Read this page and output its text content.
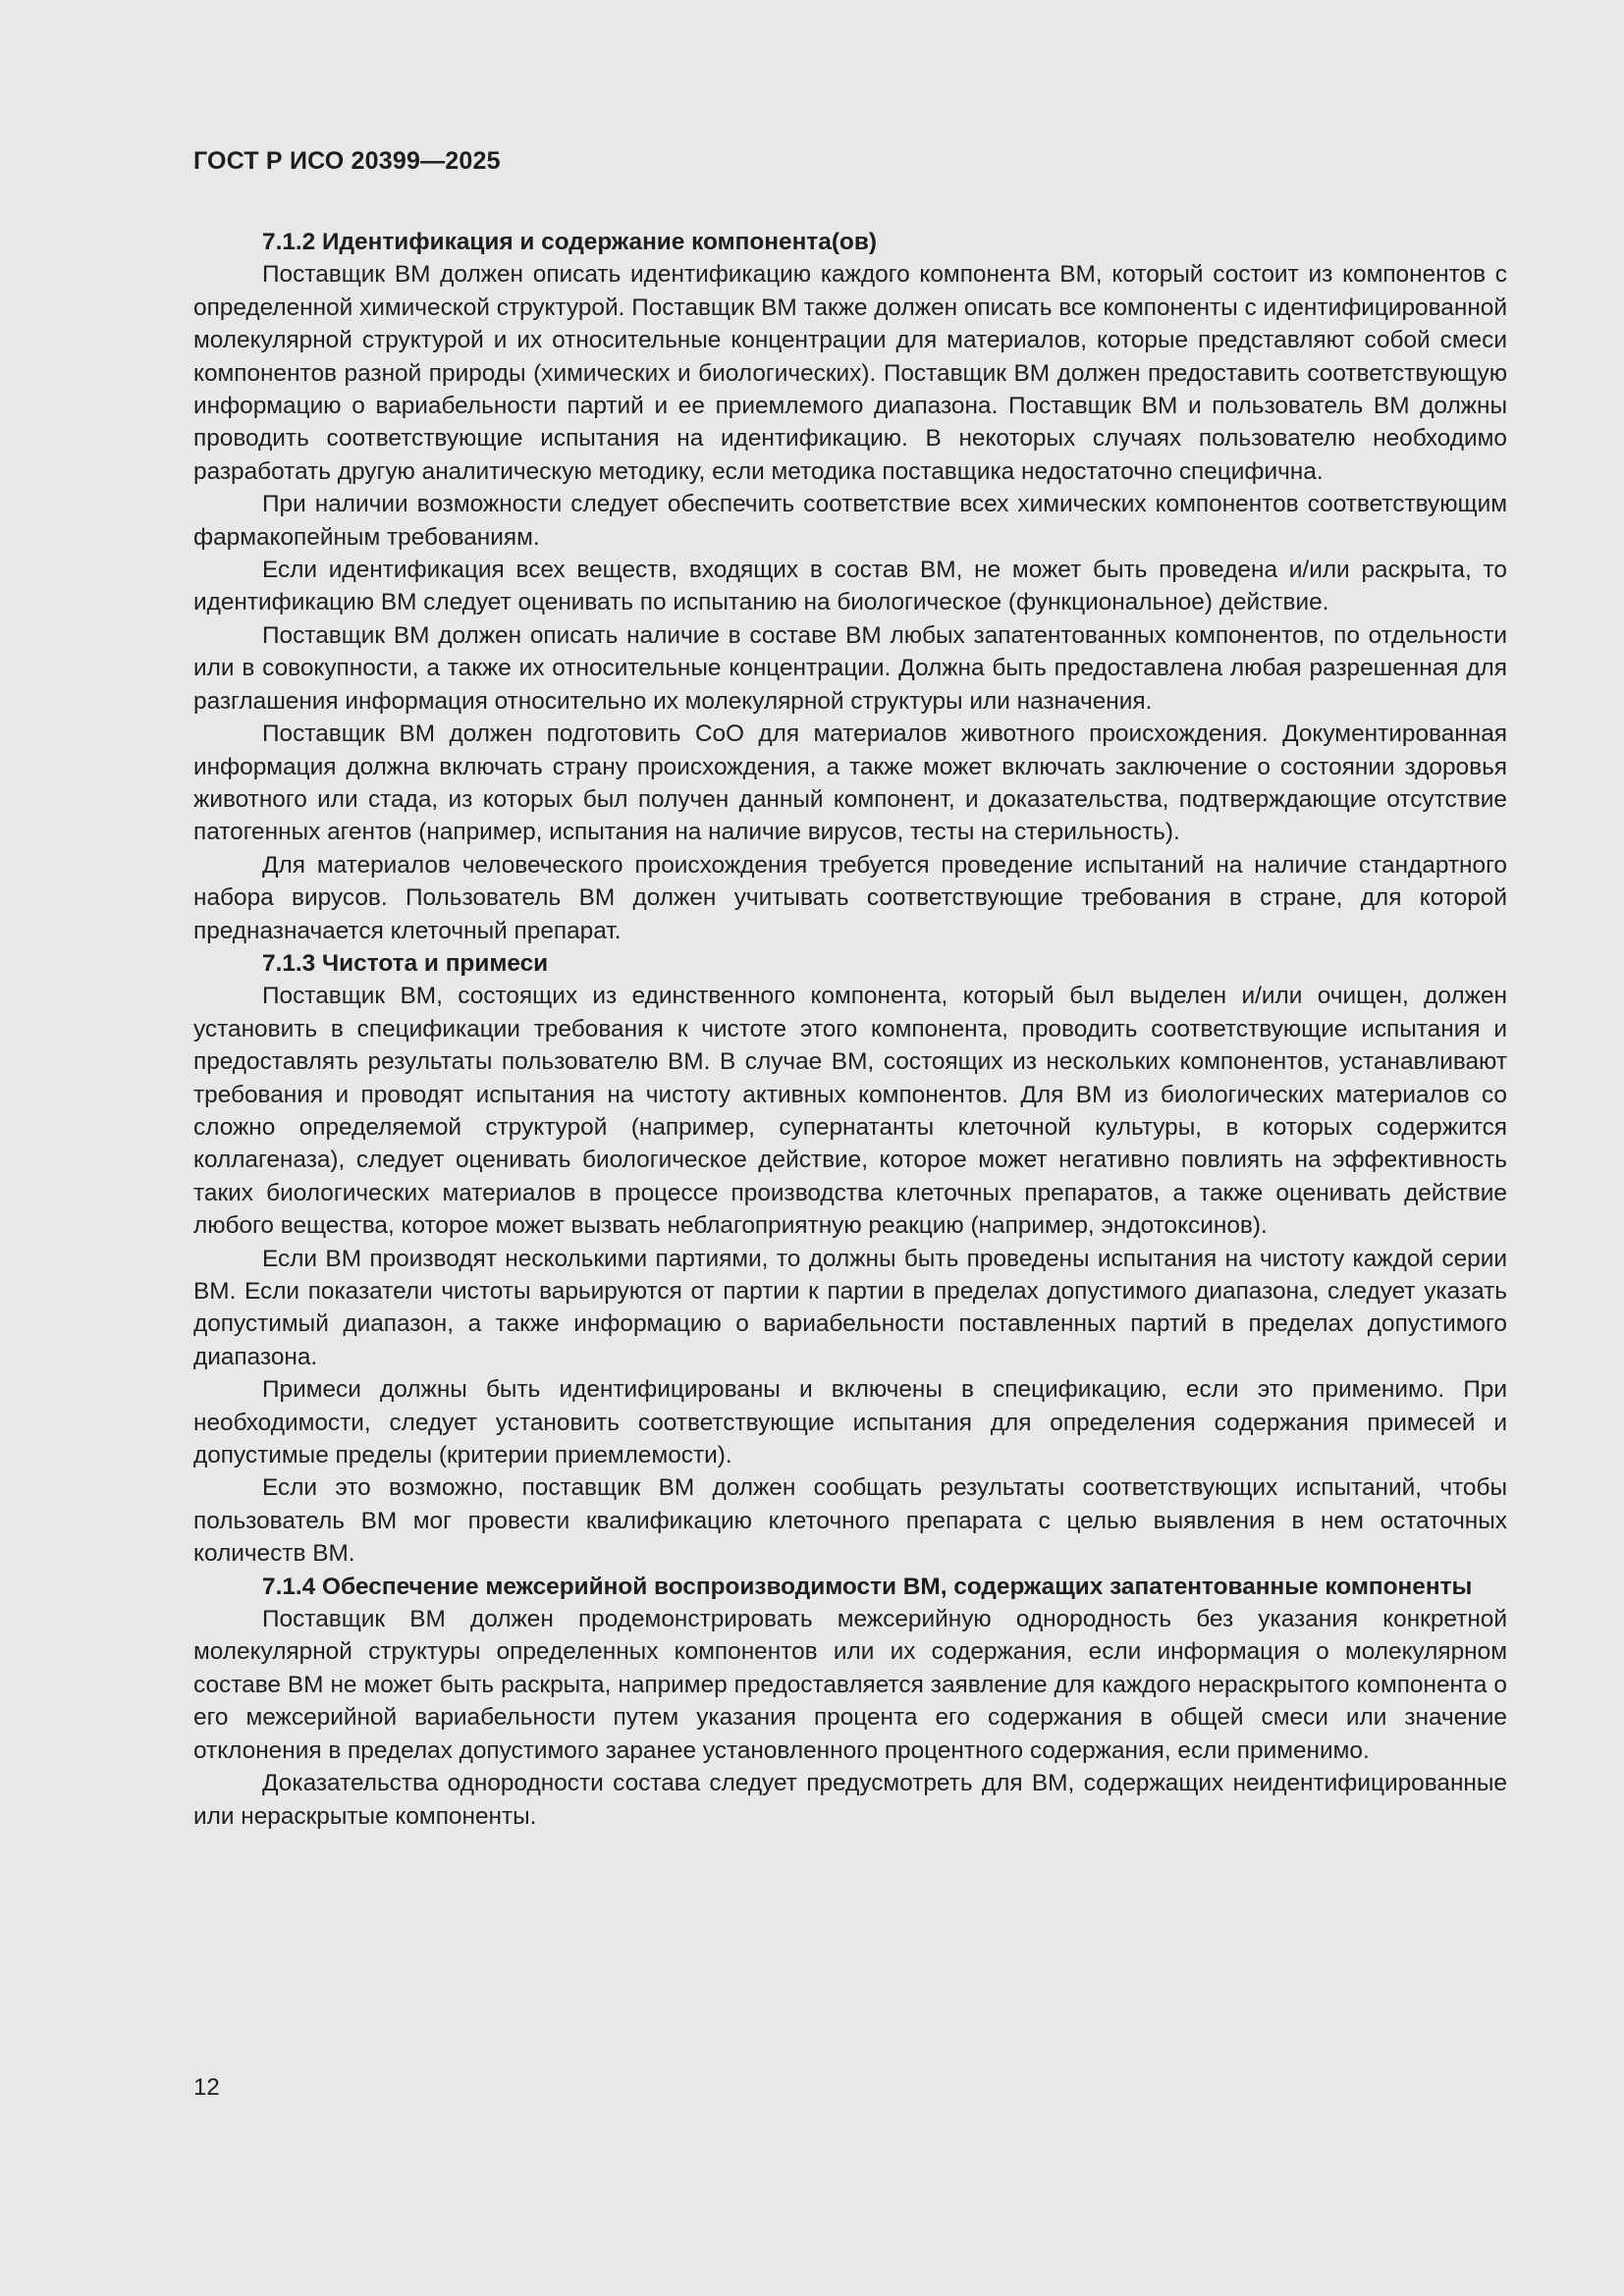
ГОСТ Р ИСО 20399—2025
7.1.2 Идентификация и содержание компонента(ов)

Поставщик ВМ должен описать идентификацию каждого компонента ВМ, который состоит из компонентов с определенной химической структурой. Поставщик ВМ также должен описать все компоненты с идентифицированной молекулярной структурой и их относительные концентрации для материалов, которые представляют собой смеси компонентов разной природы (химических и биологических). Поставщик ВМ должен предоставить соответствующую информацию о вариабельности партий и ее приемлемого диапазона. Поставщик ВМ и пользователь ВМ должны проводить соответствующие испытания на идентификацию. В некоторых случаях пользователю необходимо разработать другую аналитическую методику, если методика поставщика недостаточно специфична.

При наличии возможности следует обеспечить соответствие всех химических компонентов соответствующим фармакопейным требованиям.

Если идентификация всех веществ, входящих в состав ВМ, не может быть проведена и/или раскрыта, то идентификацию ВМ следует оценивать по испытанию на биологическое (функциональное) действие.

Поставщик ВМ должен описать наличие в составе ВМ любых запатентованных компонентов, по отдельности или в совокупности, а также их относительные концентрации. Должна быть предоставлена любая разрешенная для разглашения информация относительно их молекулярной структуры или назначения.

Поставщик ВМ должен подготовить СоО для материалов животного происхождения. Документированная информация должна включать страну происхождения, а также может включать заключение о состоянии здоровья животного или стада, из которых был получен данный компонент, и доказательства, подтверждающие отсутствие патогенных агентов (например, испытания на наличие вирусов, тесты на стерильность).

Для материалов человеческого происхождения требуется проведение испытаний на наличие стандартного набора вирусов. Пользователь ВМ должен учитывать соответствующие требования в стране, для которой предназначается клеточный препарат.

7.1.3 Чистота и примеси

Поставщик ВМ, состоящих из единственного компонента, который был выделен и/или очищен, должен установить в спецификации требования к чистоте этого компонента, проводить соответствующие испытания и предоставлять результаты пользователю ВМ. В случае ВМ, состоящих из нескольких компонентов, устанавливают требования и проводят испытания на чистоту активных компонентов. Для ВМ из биологических материалов со сложно определяемой структурой (например, супернатанты клеточной культуры, в которых содержится коллагеназа), следует оценивать биологическое действие, которое может негативно повлиять на эффективность таких биологических материалов в процессе производства клеточных препаратов, а также оценивать действие любого вещества, которое может вызвать неблагоприятную реакцию (например, эндотоксинов).

Если ВМ производят несколькими партиями, то должны быть проведены испытания на чистоту каждой серии ВМ. Если показатели чистоты варьируются от партии к партии в пределах допустимого диапазона, следует указать допустимый диапазон, а также информацию о вариабельности поставленных партий в пределах допустимого диапазона.

Примеси должны быть идентифицированы и включены в спецификацию, если это применимо. При необходимости, следует установить соответствующие испытания для определения содержания примесей и допустимые пределы (критерии приемлемости).

Если это возможно, поставщик ВМ должен сообщать результаты соответствующих испытаний, чтобы пользователь ВМ мог провести квалификацию клеточного препарата с целью выявления в нем остаточных количеств ВМ.

7.1.4 Обеспечение межсерийной воспроизводимости ВМ, содержащих запатентованные компоненты

Поставщик ВМ должен продемонстрировать межсерийную однородность без указания конкретной молекулярной структуры определенных компонентов или их содержания, если информация о молекулярном составе ВМ не может быть раскрыта, например предоставляется заявление для каждого нераскрытого компонента о его межсерийной вариабельности путем указания процента его содержания в общей смеси или значение отклонения в пределах допустимого заранее установленного процентного содержания, если применимо.

Доказательства однородности состава следует предусмотреть для ВМ, содержащих неидентифицированные или нераскрытые компоненты.

12
